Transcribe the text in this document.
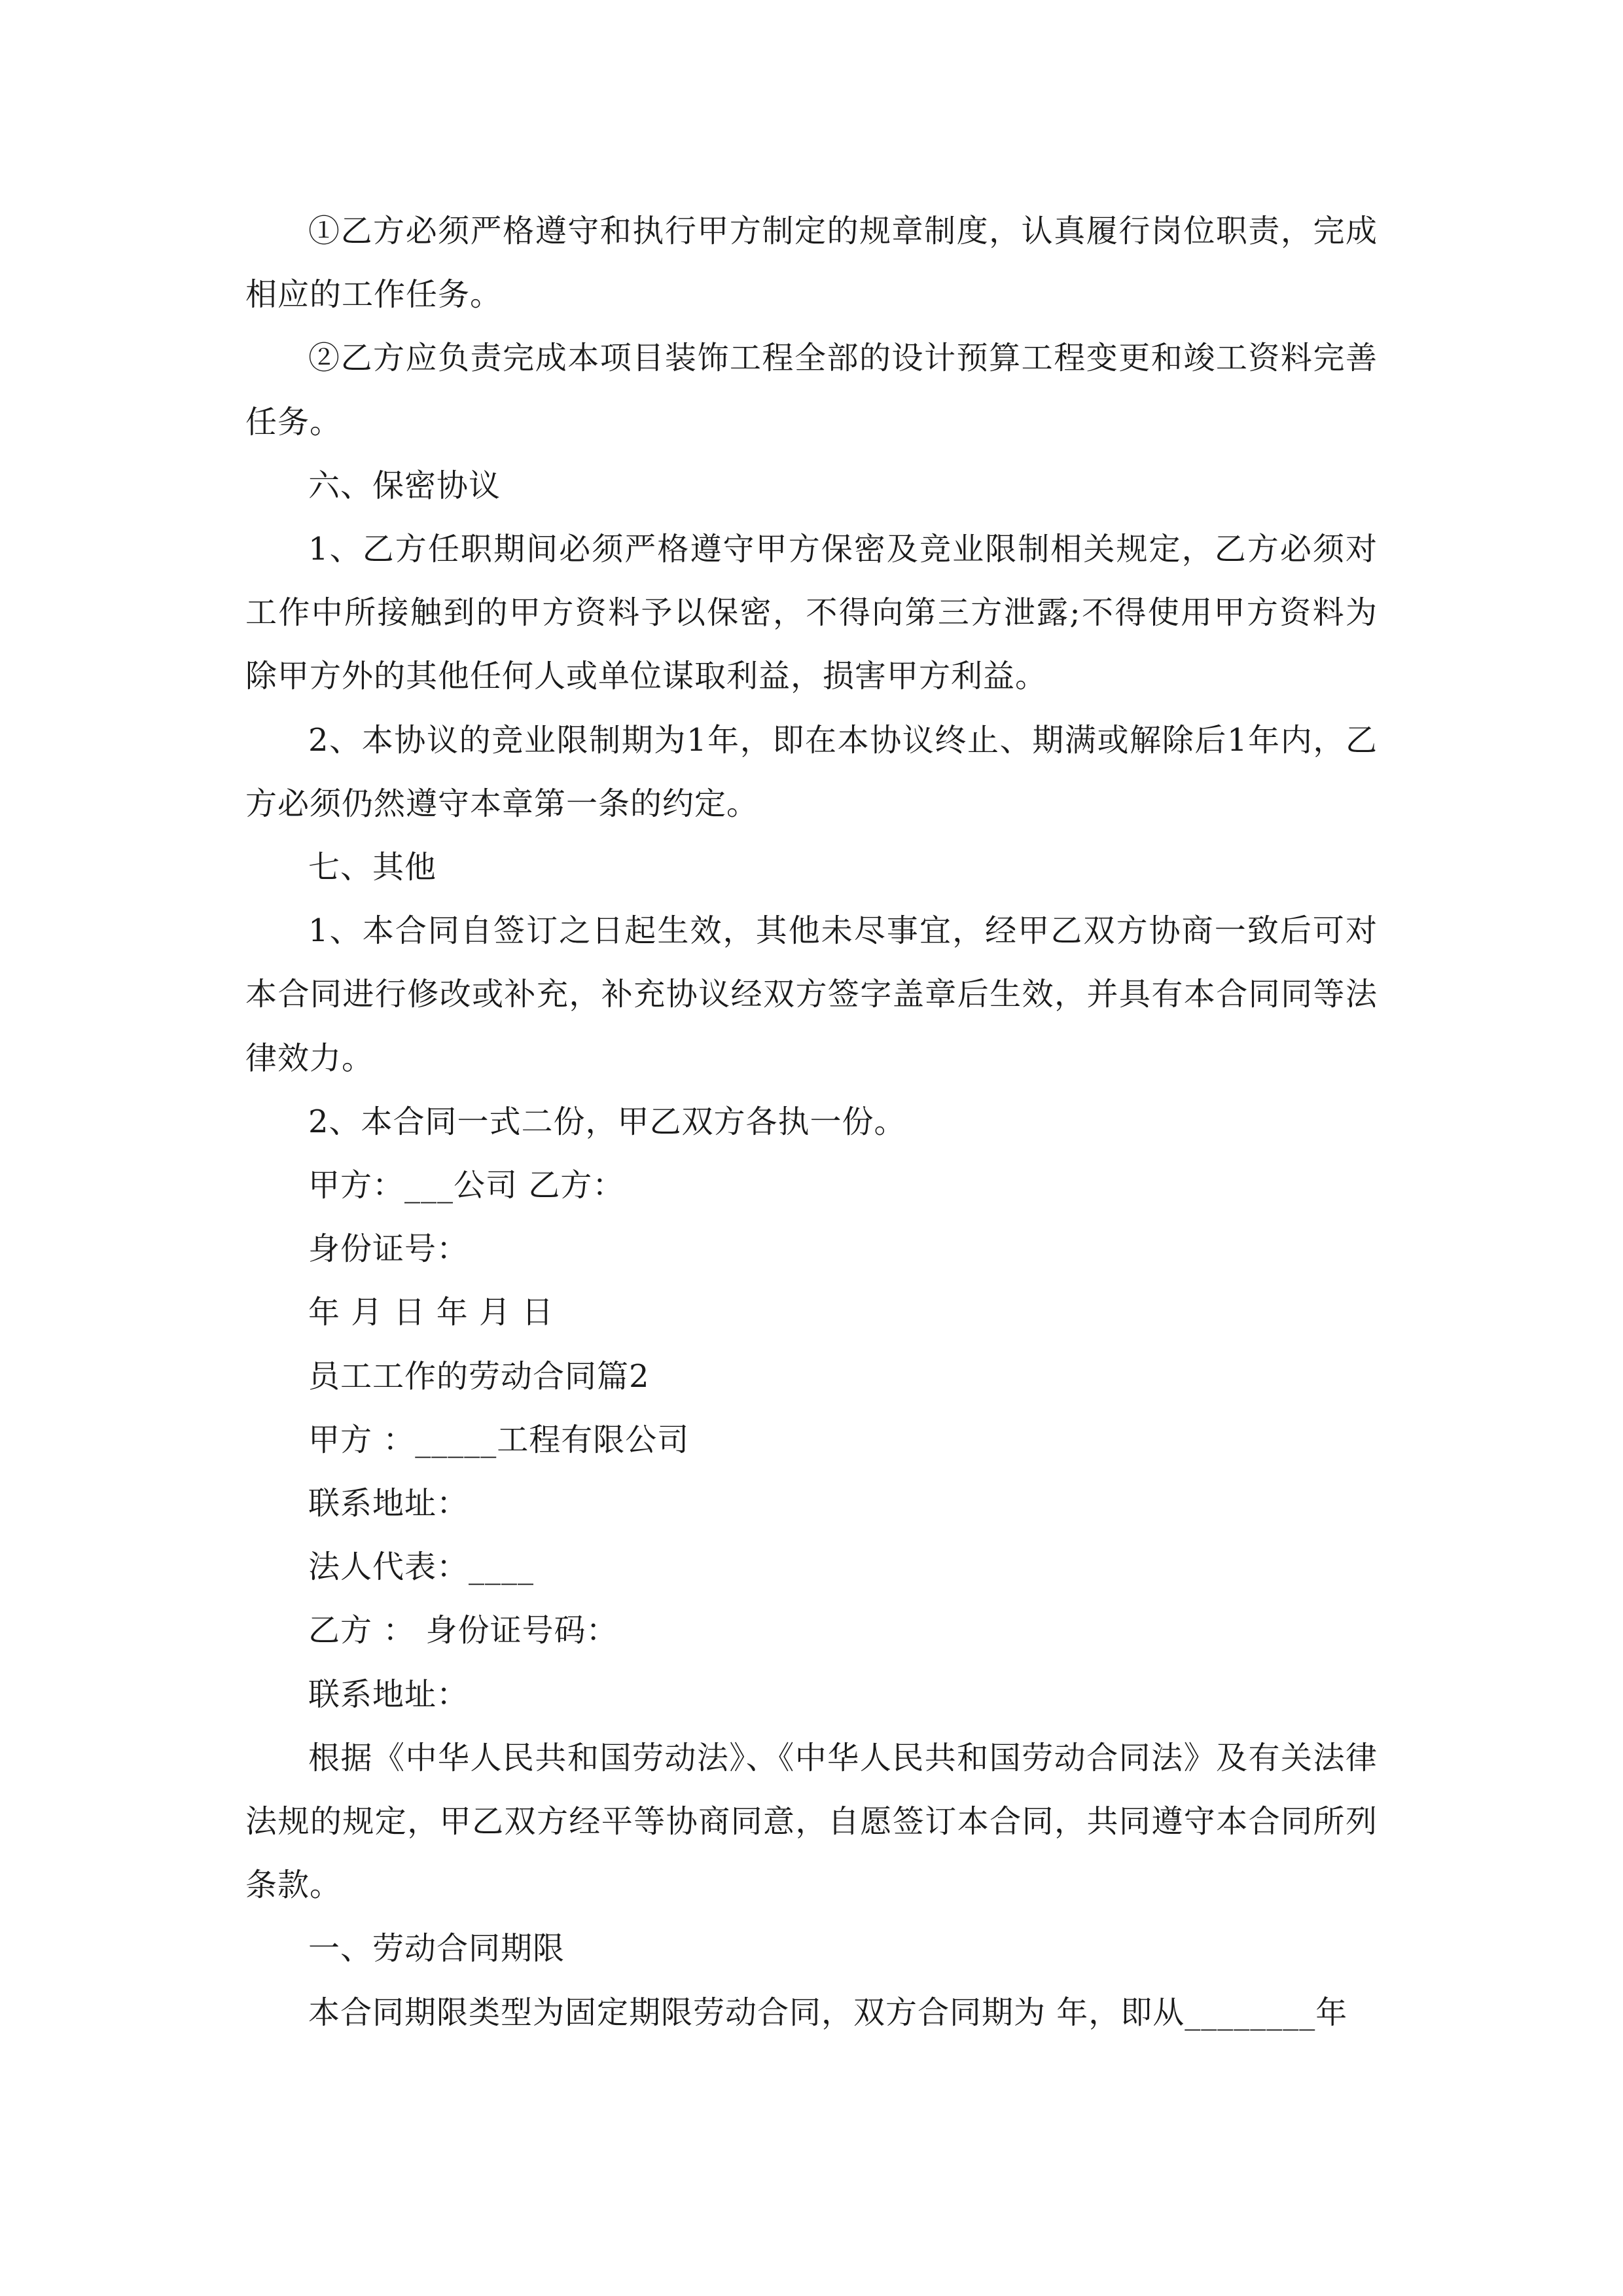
①乙方必须严格遵守和执行甲方制定的规章制度，认真履行岗位职责，完成相应的工作任务。

②乙方应负责完成本项目装饰工程全部的设计预算工程变更和竣工资料完善任务。

六、保密协议

1、乙方任职期间必须严格遵守甲方保密及竞业限制相关规定，乙方必须对工作中所接触到的甲方资料予以保密，不得向第三方泄露;不得使用甲方资料为除甲方外的其他任何人或单位谋取利益，损害甲方利益。

2、本协议的竞业限制期为1年，即在本协议终止、期满或解除后1年内，乙方必须仍然遵守本章第一条的约定。

七、其他

1、本合同自签订之日起生效，其他未尽事宜，经甲乙双方协商一致后可对本合同进行修改或补充，补充协议经双方签字盖章后生效，并具有本合同同等法律效力。

2、本合同一式二份，甲乙双方各执一份。

甲方：___公司 乙方：

身份证号：

年 月 日 年 月 日

员工工作的劳动合同篇2

甲方 ：_____工程有限公司

联系地址：

法人代表：____

乙方 ： 身份证号码：

联系地址：

根据《中华人民共和国劳动法》、《中华人民共和国劳动合同法》及有关法律法规的规定，甲乙双方经平等协商同意，自愿签订本合同，共同遵守本合同所列条款。

一、劳动合同期限

本合同期限类型为固定期限劳动合同，双方合同期为 年，即从________年
